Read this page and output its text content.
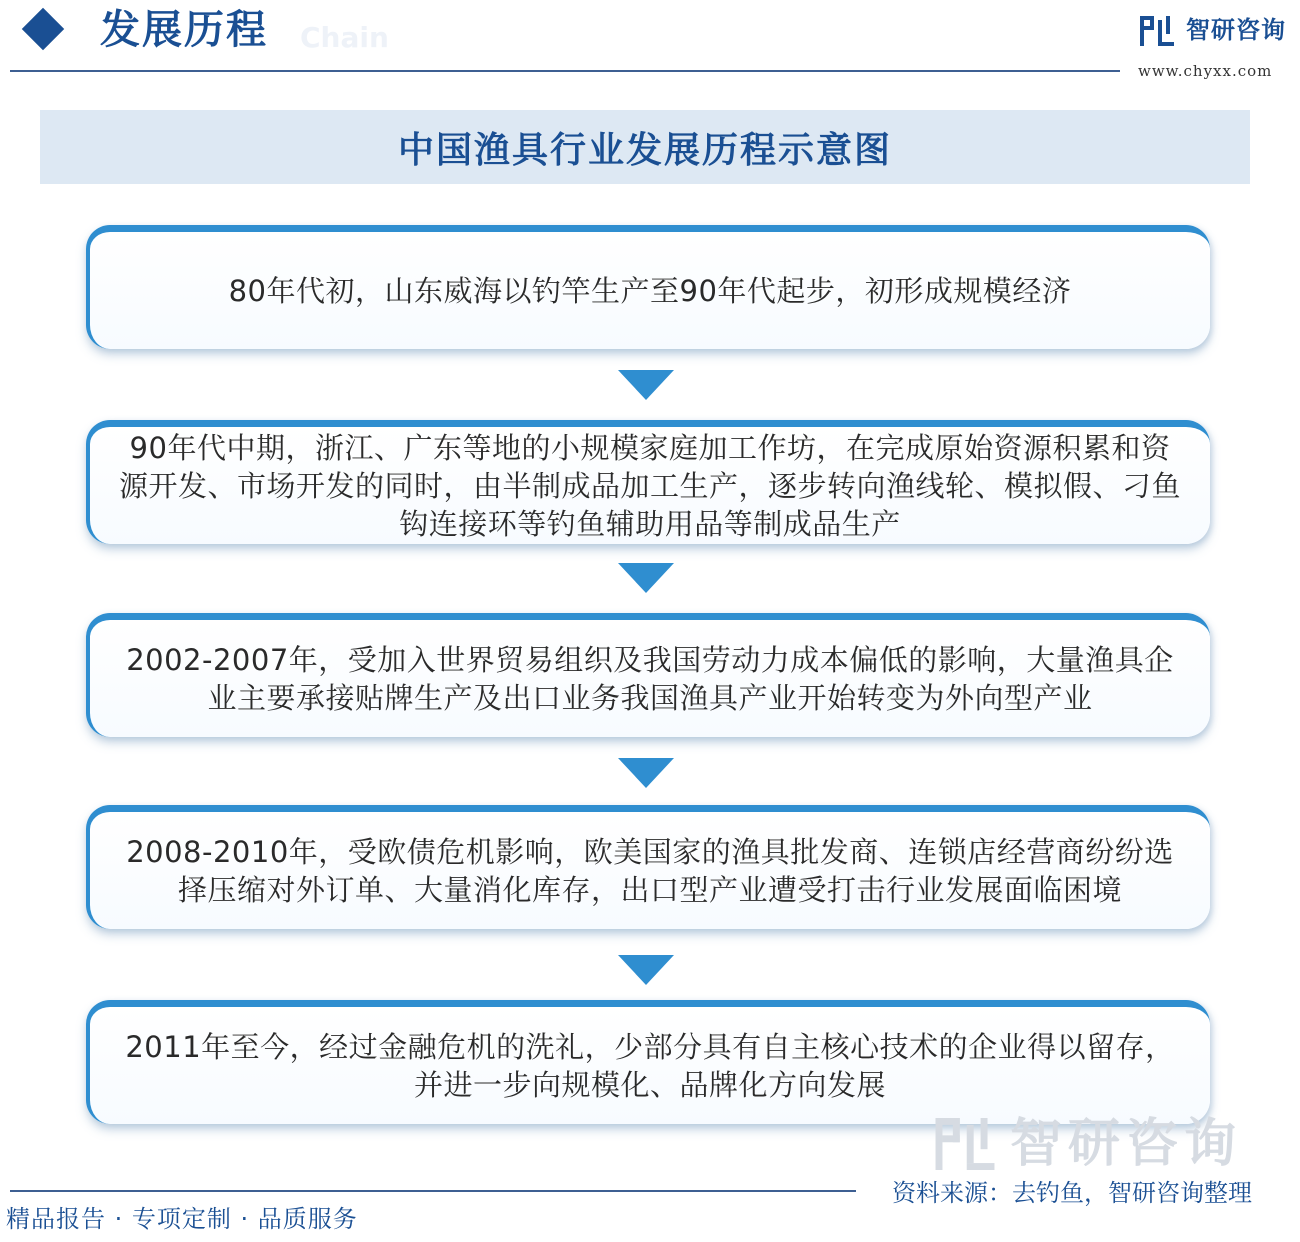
发展历程 Chain	智研咨询
www.chyxx.com
中国渔具行业发展历程示意图
80年代初，山东威海以钓竿生产至90年代起步，初形成规模经济
90年代中期，浙江、广东等地的小规模家庭加工作坊，在完成原始资源积累和资源开发、市场开发的同时，由半制成品加工生产，逐步转向渔线轮、模拟假、刁鱼钩连接环等钓鱼辅助用品等制成品生产
2002-2007年，受加入世界贸易组织及我国劳动力成本偏低的影响，大量渔具企业主要承接贴牌生产及出口业务我国渔具产业开始转变为外向型产业
2008-2010年，受欧债危机影响，欧美国家的渔具批发商、连锁店经营商纷纷选择压缩对外订单、大量消化库存，出口型产业遭受打击行业发展面临困境
2011年至今，经过金融危机的洗礼，少部分具有自主核心技术的企业得以留存，并进一步向规模化、品牌化方向发展
智研咨询
资料来源：去钓鱼，智研咨询整理
精品报告 · 专项定制 · 品质服务
